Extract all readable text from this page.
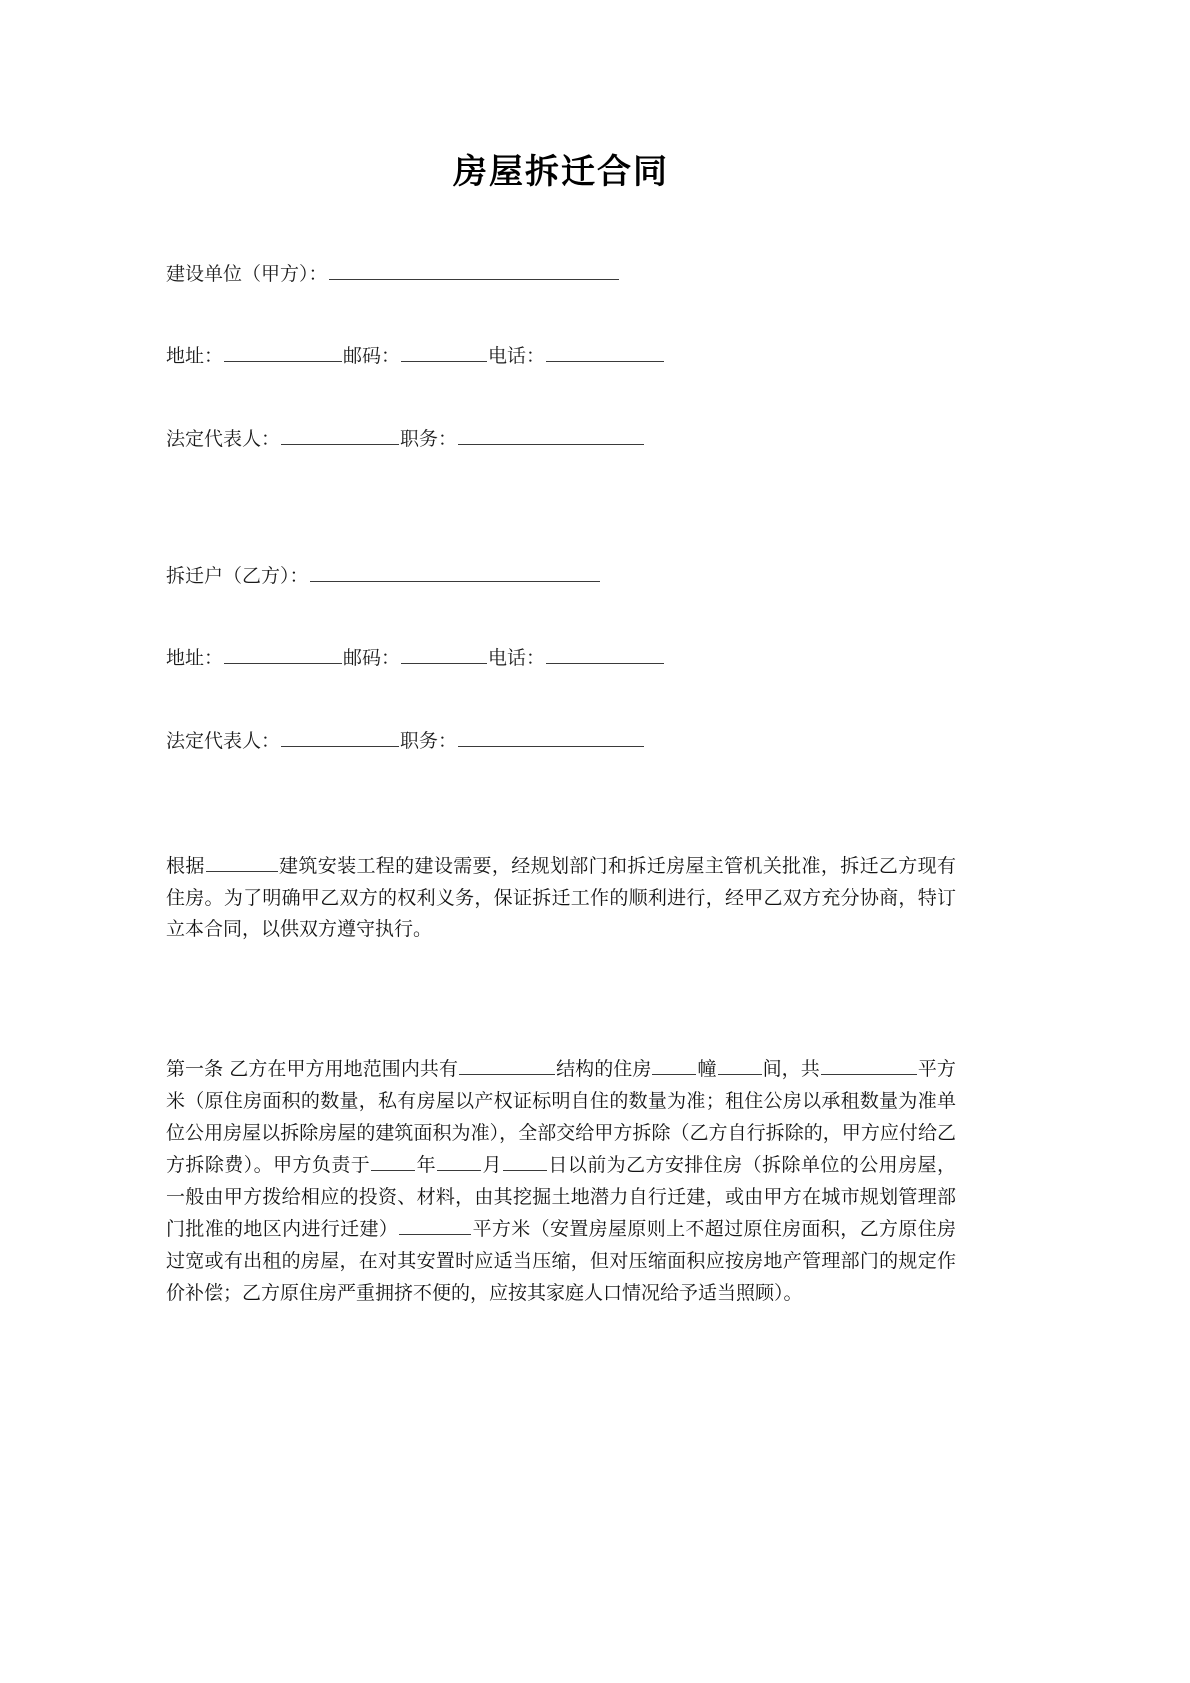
房屋拆迁合同
建设单位（甲方）：
地址：	邮码：	电话：
法定代表人：	职务：
拆迁户（乙方）：
地址：	邮码：	电话：
法定代表人：	职务：

根据	建筑安装工程的建设需要，经规划部门和拆迁房屋主管机关批准，拆迁乙方现有住房。为了明确甲乙双方的权利义务，保证拆迁工作的顺利进行，经甲乙双方充分协商，特订立本合同，以供双方遵守执行。

第一条 乙方在甲方用地范围内共有	结构的住房 幢 间，共	平方米（原住房面积的数量，私有房屋以产权证标明自住的数量为准；租住公房以承租数量为准单位公用房屋以拆除房屋的建筑面积为准），全部交给甲方拆除（乙方自行拆除的，甲方应付给乙方拆除费）。甲方负责于 年 月 日以前为乙方安排住房（拆除单位的公用房屋，一般由甲方拨给相应的投资、材料，由其挖掘土地潜力自行迁建，或由甲方在城市规划管理部门批准的地区内进行迁建）	平方米（安置房屋原则上不超过原住房面积，乙方原住房过宽或有出租的房屋，在对其安置时应适当压缩，但对压缩面积应按房地产管理部门的规定作价补偿；乙方原住房严重拥挤不便的，应按其家庭人口情况给予适当照顾）。
